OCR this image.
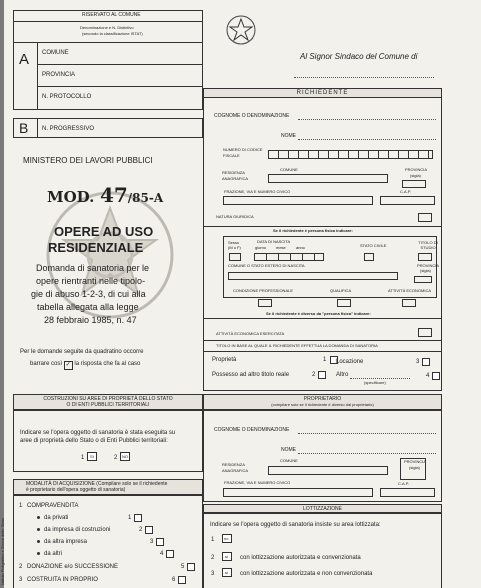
RISERVATO AL COMUNE
Denominazione e N. Distintivo
(secondo la classificazione ISTAT)
A COMUNE
PROVINCIA
N. PROTOCOLLO
B N. PROGRESSIVO
MINISTERO DEI LAVORI PUBBLICI
MOD. 47/85-A
OPERE AD USO
RESIDENZIALE
Domanda di sanatoria per le
opere rientranti nelle tipolo-
gie di abuso 1-2-3, di cui alla
tabella allegata alla legge
28 febbraio 1985, n. 47
Per le domande seguite da quadratino occorre
barrare così ✓ la risposta che fa al caso
COSTRUZIONI SU AREE DI PROPRIETÀ DELLO STATO
O DI ENTI PUBBLICI TERRITORIALI
Indicare se l'opera oggetto di sanatoria è stata eseguita su
aree di proprietà dello Stato o di Enti Pubblici territoriali:
1 SI	2 NO
MODALITÀ DI ACQUISIZIONE (Compilare solo se il richiedente
è proprietario dell'opera oggetto di sanatoria)
1 COMPRAVENDITA
da privati	1
da impresa di costruzioni	2
da altra impresa	3
da altri	4
2 DONAZIONE e/o SUCCESSIONE	5
3 COSTRUITA IN PROPRIO	6
Istituto Poligrafico e Zecca dello Stato
Al Signor Sindaco del Comune di
RICHIEDENTE
COGNOME O DENOMINAZIONE
NOME
NUMERO DI CODICE FISCALE
RESIDENZA ANAGRAFICA
COMUNE	PROVINCIA
(sigla)
FRAZIONE, VIA E NUMERO CIVICO	C.A.P.
NATURA GIURIDICA
Se il richiedente è persona fisica indicare:
Sesso
(M o F)
DATA DI NASCITA
giorno mese	anno	STATO CIVILE
TITOLO DI STUDIO
COMUNE O STATO ESTERO DI NASCITA	PROVINCIA
(sigla)
CONDIZIONE PROFESSIONALE	QUALIFICA	ATTIVITÀ ECONOMICA
Se il richiedente è diverso da "persona fisica" indicare:
ATTIVITÀ ECONOMICA ESERCITATA
TITOLO IN BASE AL QUALE IL RICHIEDENTE EFFETTUA LA DOMANDA DI SANATORIA
Proprietà	1 Locazione	3
Possesso ad altro titolo reale	2	Altro
(specificare)
4
PROPRIETARIO
(compilare solo se il richiedente è diverso dal proprietario)
COGNOME O DENOMINAZIONE
NOME
RESIDENZA ANAGRAFICA
COMUNE	PROVINCIA
(sigla)
FRAZIONE, VIA E NUMERO CIVICO	C.A.P.
LOTTIZZAZIONE
Indicare se l'opera oggetto di sanatoria insiste su area lottizzata:
1 no
2	si con lottizzazione autorizzata e convenzionata
3	si con lottizzazione autorizzata e non convenzionata
